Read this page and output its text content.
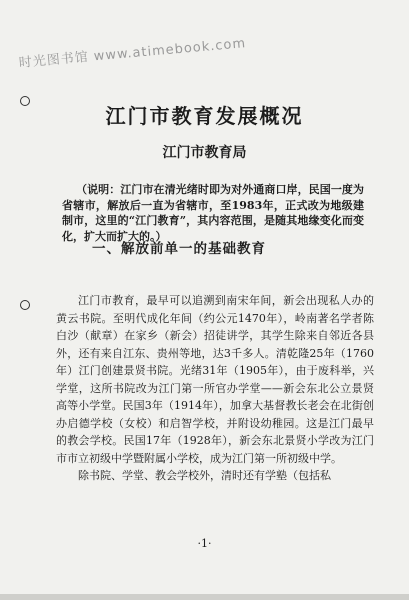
时光图书馆 www.atimebook.com
江门市教育发展概况
江门市教育局
（说明：江门市在清光绪时即为对外通商口岸，民国一度为省辖市，解放后一直为省辖市，至1983年，正式改为地级建制市，这里的“江门教育”，其内容范围，是随其地缘变化而变化，扩大而扩大的。）
一、解放前单一的基础教育

江门市教育，最早可以追溯到南宋年间，新会出现私人办的黄云书院。至明代成化年间（约公元1470年），岭南著名学者陈白沙（献章）在家乡（新会）招徒讲学，其学生除来自邻近各县外，还有来自江东、贵州等地，达3千多人。清乾隆25年（1760年）江门创建景贤书院。光绪31年（1905年），由于废科举，兴学堂，这所书院改为江门第一所官办学堂——新会东北公立景贤高等小学堂。民国3年（1914年），加拿大基督教长老会在北街创办启德学校（女校）和启智学校，并附设幼稚园。这是江门最早的教会学校。民国17年（1928年），新会东北景贤小学改为江门市市立初级中学暨附属小学校，成为江门第一所初级中学。

除书院、学堂、教会学校外，清时还有学塾（包括私

·1·
